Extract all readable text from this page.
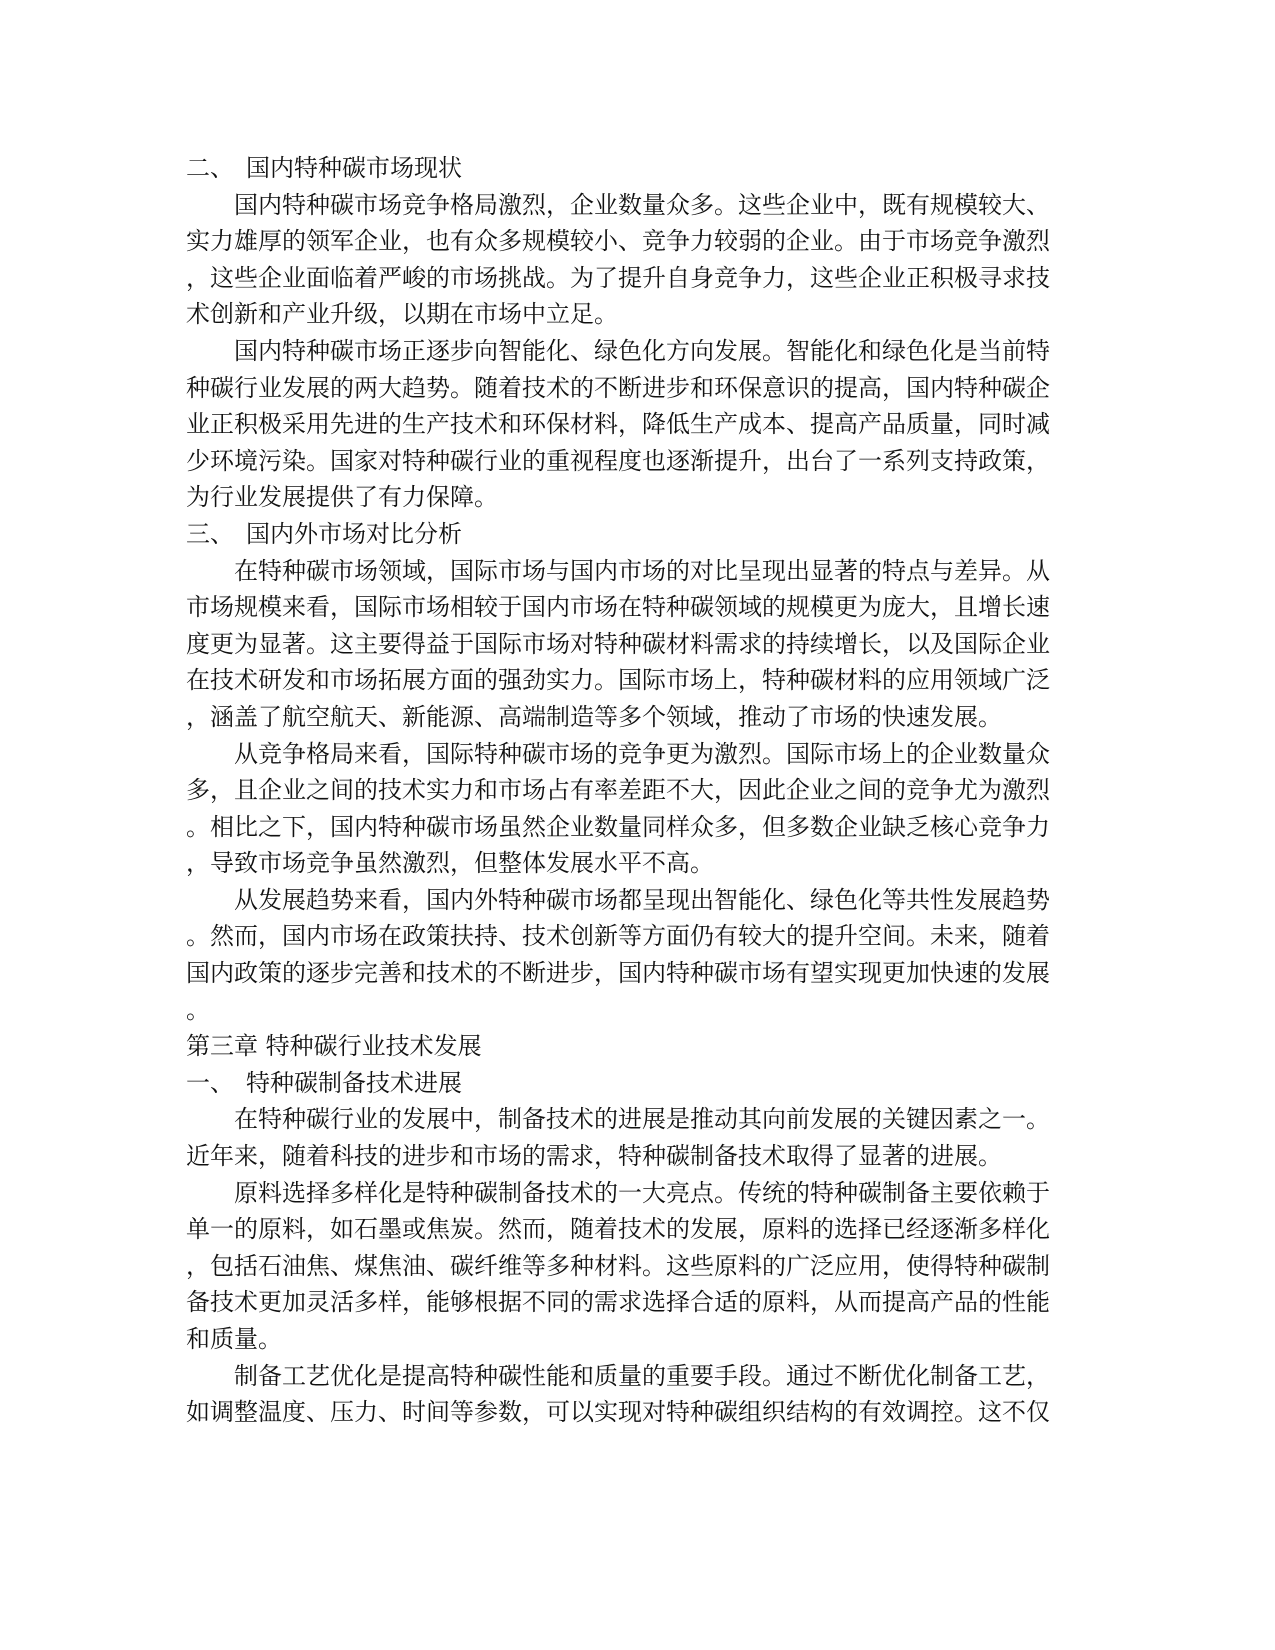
二、 国内特种碳市场现状

国内特种碳市场竞争格局激烈，企业数量众多。这些企业中，既有规模较大、

实力雄厚的领军企业，也有众多规模较小、竞争力较弱的企业。由于市场竞争激烈

，这些企业面临着严峻的市场挑战。为了提升自身竞争力，这些企业正积极寻求技

术创新和产业升级，以期在市场中立足。

国内特种碳市场正逐步向智能化、绿色化方向发展。智能化和绿色化是当前特

种碳行业发展的两大趋势。随着技术的不断进步和环保意识的提高，国内特种碳企

业正积极采用先进的生产技术和环保材料，降低生产成本、提高产品质量，同时减

少环境污染。国家对特种碳行业的重视程度也逐渐提升，出台了一系列支持政策，

为行业发展提供了有力保障。

三、 国内外市场对比分析

在特种碳市场领域，国际市场与国内市场的对比呈现出显著的特点与差异。从

市场规模来看，国际市场相较于国内市场在特种碳领域的规模更为庞大，且增长速

度更为显著。这主要得益于国际市场对特种碳材料需求的持续增长，以及国际企业

在技术研发和市场拓展方面的强劲实力。国际市场上，特种碳材料的应用领域广泛

，涵盖了航空航天、新能源、高端制造等多个领域，推动了市场的快速发展。

从竞争格局来看，国际特种碳市场的竞争更为激烈。国际市场上的企业数量众

多，且企业之间的技术实力和市场占有率差距不大，因此企业之间的竞争尤为激烈

。相比之下，国内特种碳市场虽然企业数量同样众多，但多数企业缺乏核心竞争力

，导致市场竞争虽然激烈，但整体发展水平不高。

从发展趋势来看，国内外特种碳市场都呈现出智能化、绿色化等共性发展趋势

。然而，国内市场在政策扶持、技术创新等方面仍有较大的提升空间。未来，随着

国内政策的逐步完善和技术的不断进步，国内特种碳市场有望实现更加快速的发展

。

第三章 特种碳行业技术发展

一、 特种碳制备技术进展

在特种碳行业的发展中，制备技术的进展是推动其向前发展的关键因素之一。

近年来，随着科技的进步和市场的需求，特种碳制备技术取得了显著的进展。

原料选择多样化是特种碳制备技术的一大亮点。传统的特种碳制备主要依赖于

单一的原料，如石墨或焦炭。然而，随着技术的发展，原料的选择已经逐渐多样化

，包括石油焦、煤焦油、碳纤维等多种材料。这些原料的广泛应用，使得特种碳制

备技术更加灵活多样，能够根据不同的需求选择合适的原料，从而提高产品的性能

和质量。

制备工艺优化是提高特种碳性能和质量的重要手段。通过不断优化制备工艺，

如调整温度、压力、时间等参数，可以实现对特种碳组织结构的有效调控。这不仅
